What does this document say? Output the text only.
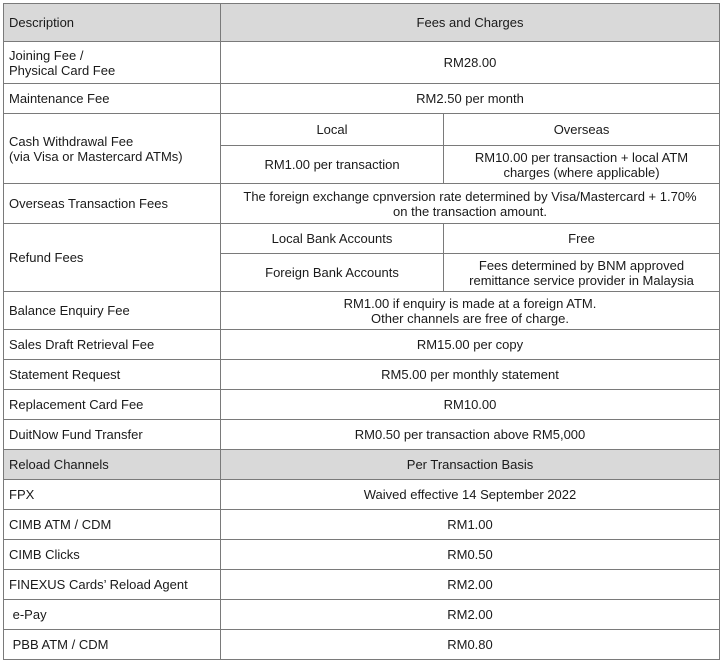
Description	Fees and Charges	

Joining Fee /
Physical Card Fee	RM28.00	
Maintenance Fee	RM2.50 per month	

Cash Withdrawal Fee
(via Visa or Mastercard ATMs)	Local	Overseas
	RM1.00 per transaction	RM10.00 per transaction + local ATM
charges (where applicable)

Overseas Transaction Fees	The foreign exchange cpnversion rate determined by Visa/Mastercard + 1.70%
on the transaction amount.	

Refund Fees	Local Bank Accounts	Free
	Foreign Bank Accounts	Fees determined by BNM approved
remittance service provider in Malaysia

Balance Enquiry Fee	RM1.00 if enquiry is made at a foreign ATM.
Other channels are free of charge.	

Sales Draft Retrieval Fee	RM15.00 per copy	
Statement Request	RM5.00 per monthly statement	
Replacement Card Fee	RM10.00	
DuitNow Fund Transfer	RM0.50 per transaction above RM5,000	
Reload Channels	Per Transaction Basis	
FPX	Waived effective 14 September 2022	
CIMB ATM / CDM	RM1.00	
CIMB Clicks	RM0.50	
FINEXUS Cards’ Reload Agent	RM2.00	
e-Pay	RM2.00	
PBB ATM / CDM	RM0.80	
